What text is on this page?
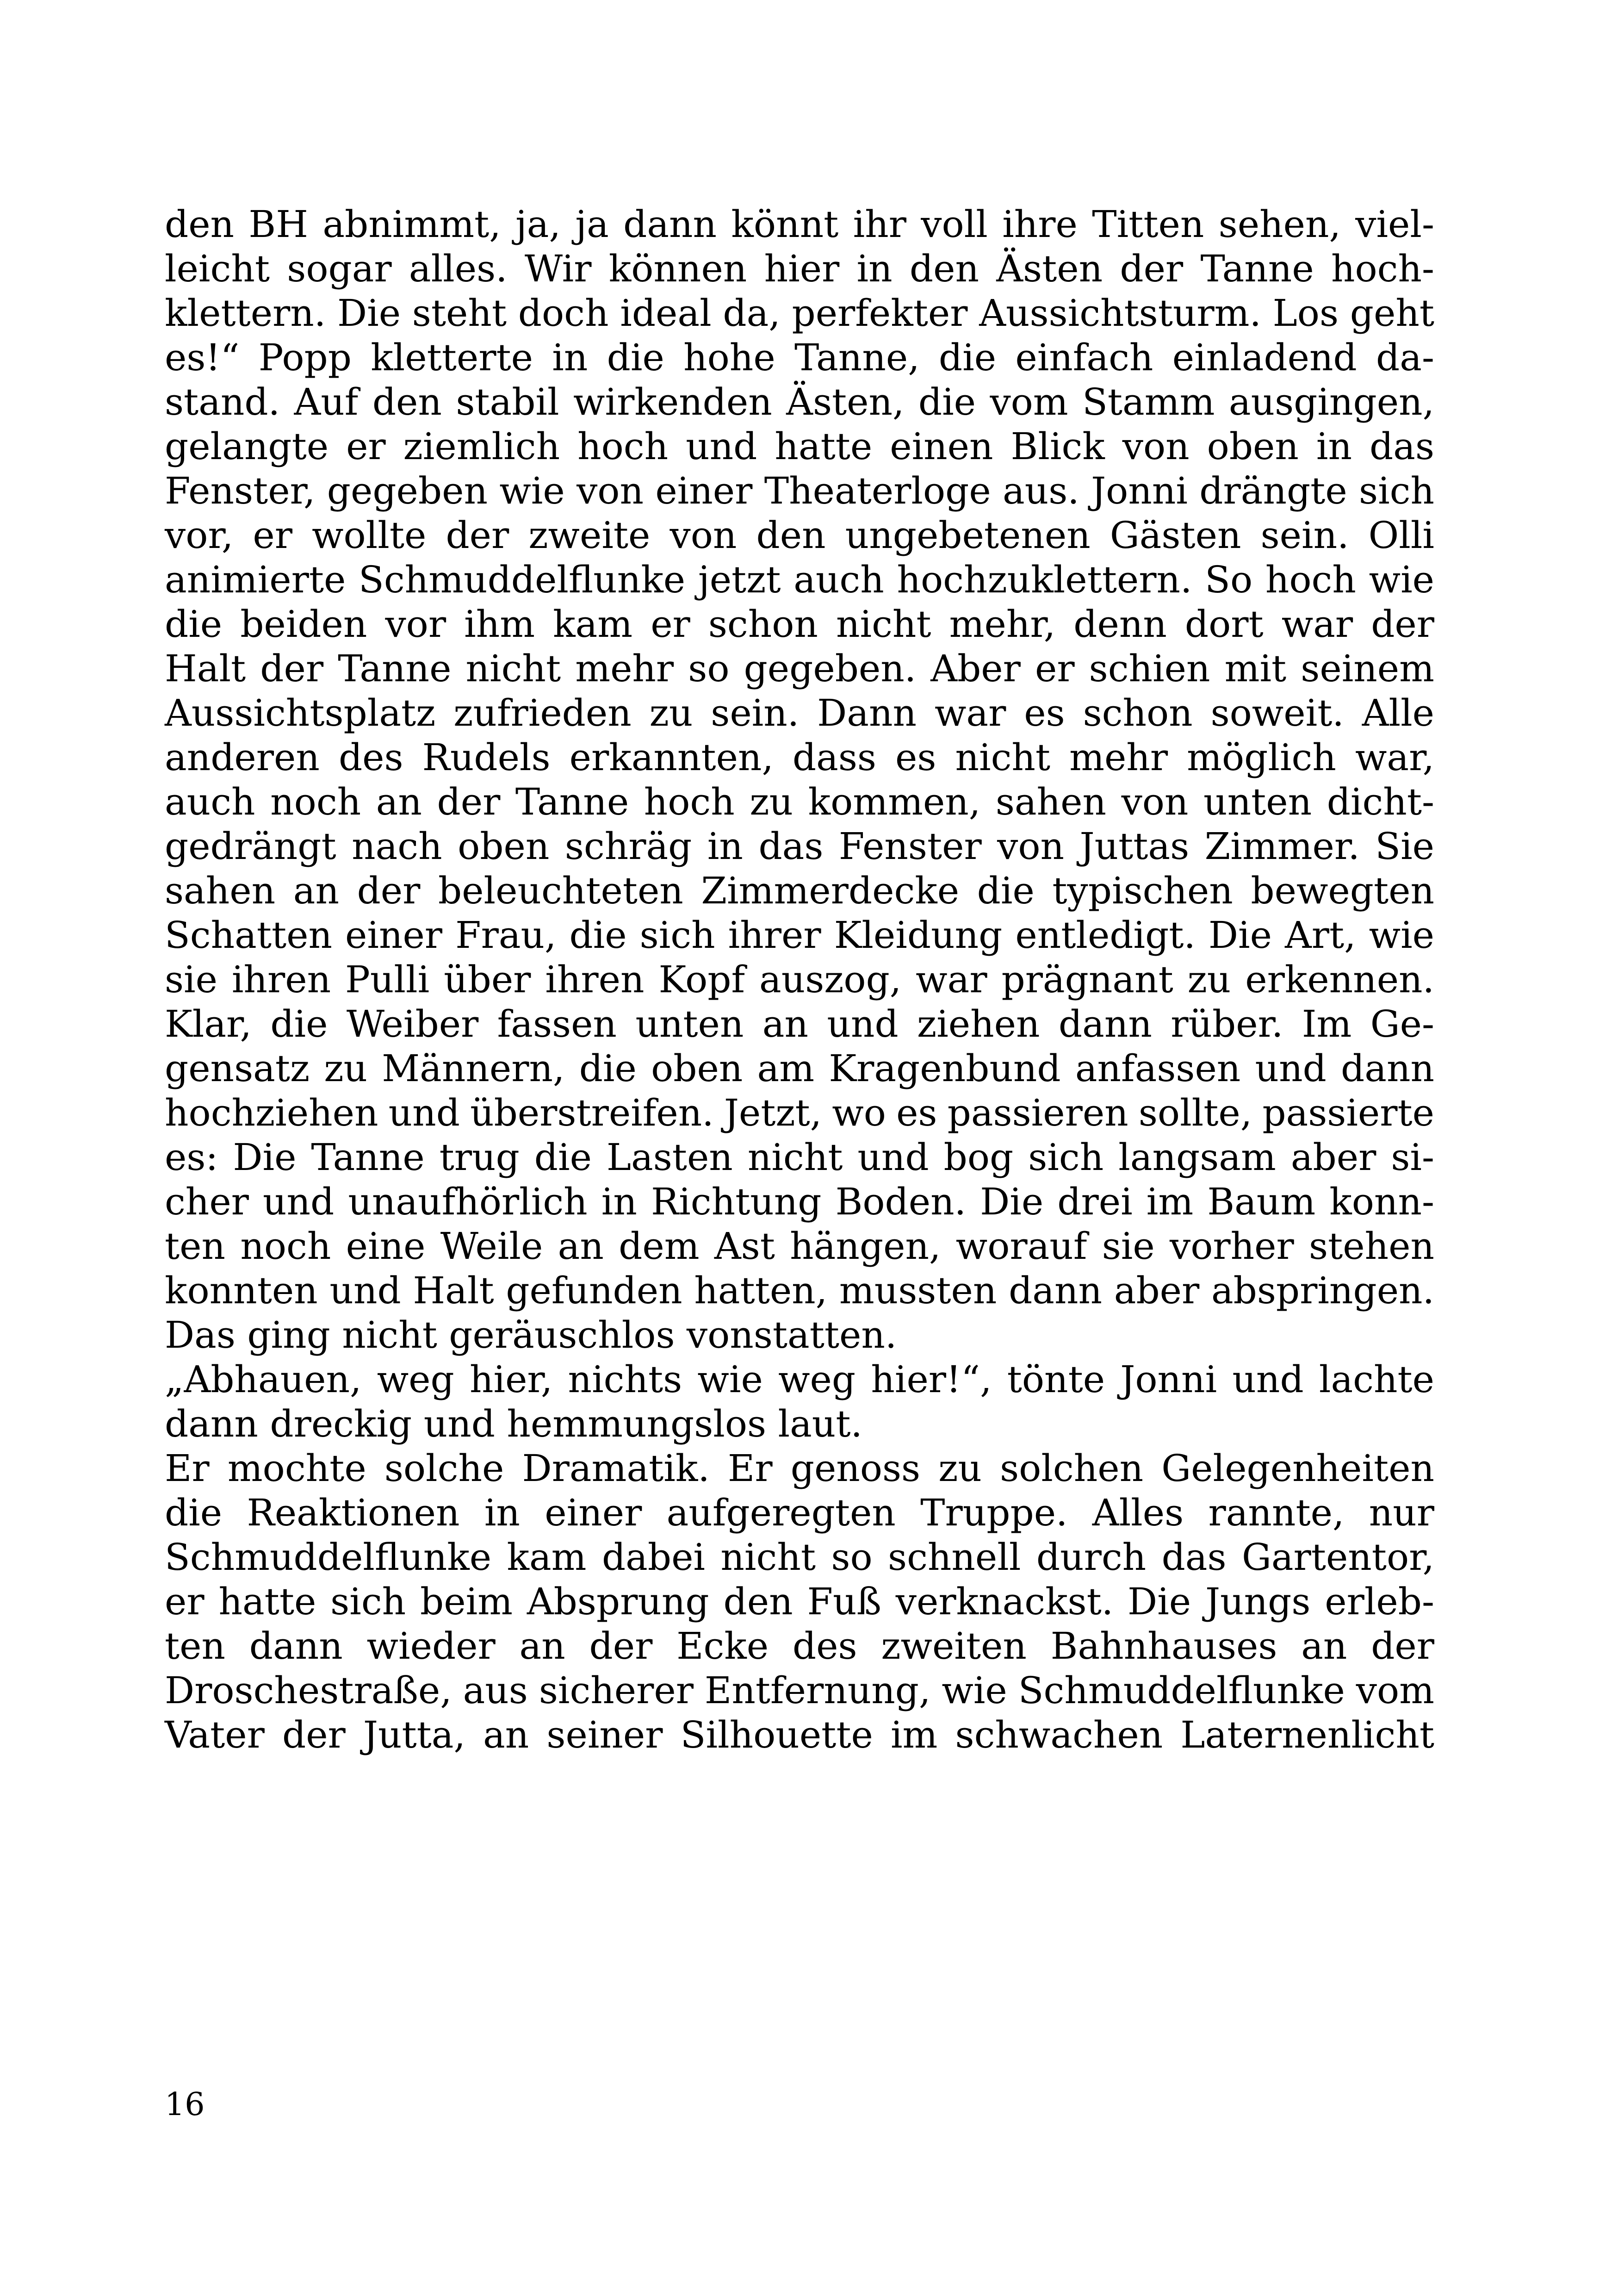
den BH abnimmt, ja, ja dann könnt ihr voll ihre Titten sehen, viel-
leicht sogar alles. Wir können hier in den Ästen der Tanne hoch-
klettern. Die steht doch ideal da, perfekter Aussichtsturm. Los geht
es!“ Popp kletterte in die hohe Tanne, die einfach einladend da-
stand. Auf den stabil wirkenden Ästen, die vom Stamm ausgingen,
gelangte er ziemlich hoch und hatte einen Blick von oben in das
Fenster, gegeben wie von einer Theaterloge aus. Jonni drängte sich
vor, er wollte der zweite von den ungebetenen Gästen sein. Olli
animierte Schmuddelflunke jetzt auch hochzuklettern. So hoch wie
die beiden vor ihm kam er schon nicht mehr, denn dort war der
Halt der Tanne nicht mehr so gegeben. Aber er schien mit seinem
Aussichtsplatz zufrieden zu sein. Dann war es schon soweit. Alle
anderen des Rudels erkannten, dass es nicht mehr möglich war,
auch noch an der Tanne hoch zu kommen, sahen von unten dicht-
gedrängt nach oben schräg in das Fenster von Juttas Zimmer. Sie
sahen an der beleuchteten Zimmerdecke die typischen bewegten
Schatten einer Frau, die sich ihrer Kleidung entledigt. Die Art, wie
sie ihren Pulli über ihren Kopf auszog, war prägnant zu erkennen.
Klar, die Weiber fassen unten an und ziehen dann rüber. Im Ge-
gensatz zu Männern, die oben am Kragenbund anfassen und dann
hochziehen und überstreifen. Jetzt, wo es passieren sollte, passierte
es: Die Tanne trug die Lasten nicht und bog sich langsam aber si-
cher und unaufhörlich in Richtung Boden. Die drei im Baum konn-
ten noch eine Weile an dem Ast hängen, worauf sie vorher stehen
konnten und Halt gefunden hatten, mussten dann aber abspringen.
Das ging nicht geräuschlos vonstatten.
„Abhauen, weg hier, nichts wie weg hier!“, tönte Jonni und lachte
dann dreckig und hemmungslos laut.
Er mochte solche Dramatik. Er genoss zu solchen Gelegenheiten
die Reaktionen in einer aufgeregten Truppe. Alles rannte, nur
Schmuddelflunke kam dabei nicht so schnell durch das Gartentor,
er hatte sich beim Absprung den Fuß verknackst. Die Jungs erleb-
ten dann wieder an der Ecke des zweiten Bahnhauses an der
Droschestraße, aus sicherer Entfernung, wie Schmuddelflunke vom
Vater der Jutta, an seiner Silhouette im schwachen Laternenlicht
16
